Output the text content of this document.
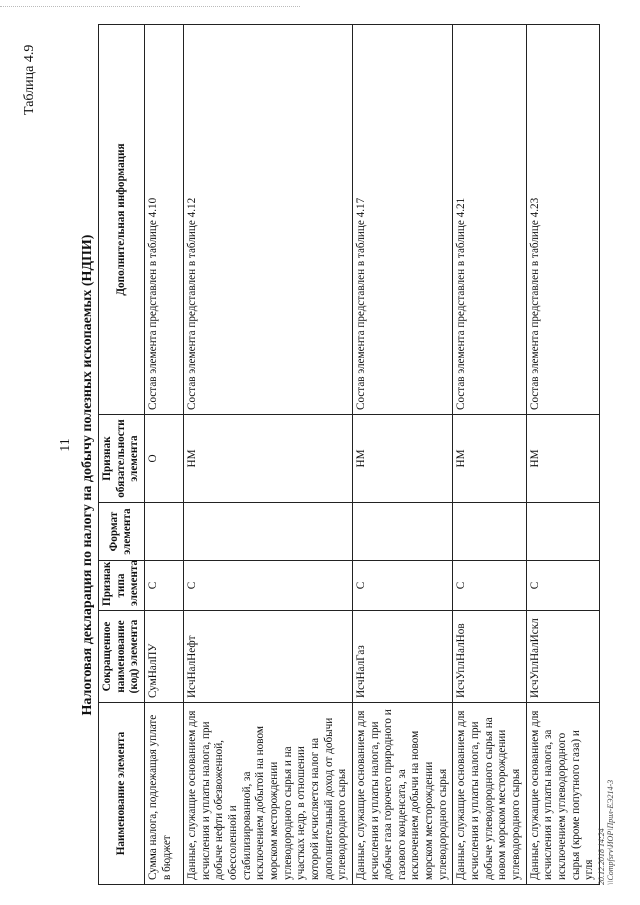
Таблица 4.9
11 Налоговая декларация по налогу на добычу полезных ископаемых (НДПИ)
Наименование элемента	Сокращенное наименование (код) элемента	Признак типа элемента	Формат элемента	Признак обязательности элемента	Дополнительная информация
Сумма налога, подлежащая уплате в бюджет	СумНалПУ	С		О	Состав элемента представлен в таблице 4.10
Данные, служащие основанием для исчисления и уплаты налога, при добыче нефти обезвоженной, обессоленной и стабилизированной, за исключением добытой на новом морском месторождении углеводородного сырья и на участках недр, в отношении которой исчисляется налог на дополнительный доход от добычи углеводородного сырья	ИсчНалНефт	С		НМ	Состав элемента представлен в таблице 4.12
Данные, служащие основанием для исчисления и уплаты налога, при добыче газа горючего природного и газового конденсата, за исключением добычи на новом морском месторождении углеводородного сырья	ИсчНалГаз	С		НМ	Состав элемента представлен в таблице 4.17
Данные, служащие основанием для исчисления и уплаты налога, при добыче углеводородного сырья на новом морском месторождении углеводородного сырья	ИсчУплНалНов	С		НМ	Состав элемента представлен в таблице 4.21
Данные, служащие основанием для исчисления и уплаты налога, за исключением углеводородного сырья (кроме попутного газа) и угля	ИсчУплНалИскл	С		НМ	Состав элемента представлен в таблице 4.23
20.12.2018 14:24 \\Compfsrv\ИОР\Прил-ЕЭ214-3
